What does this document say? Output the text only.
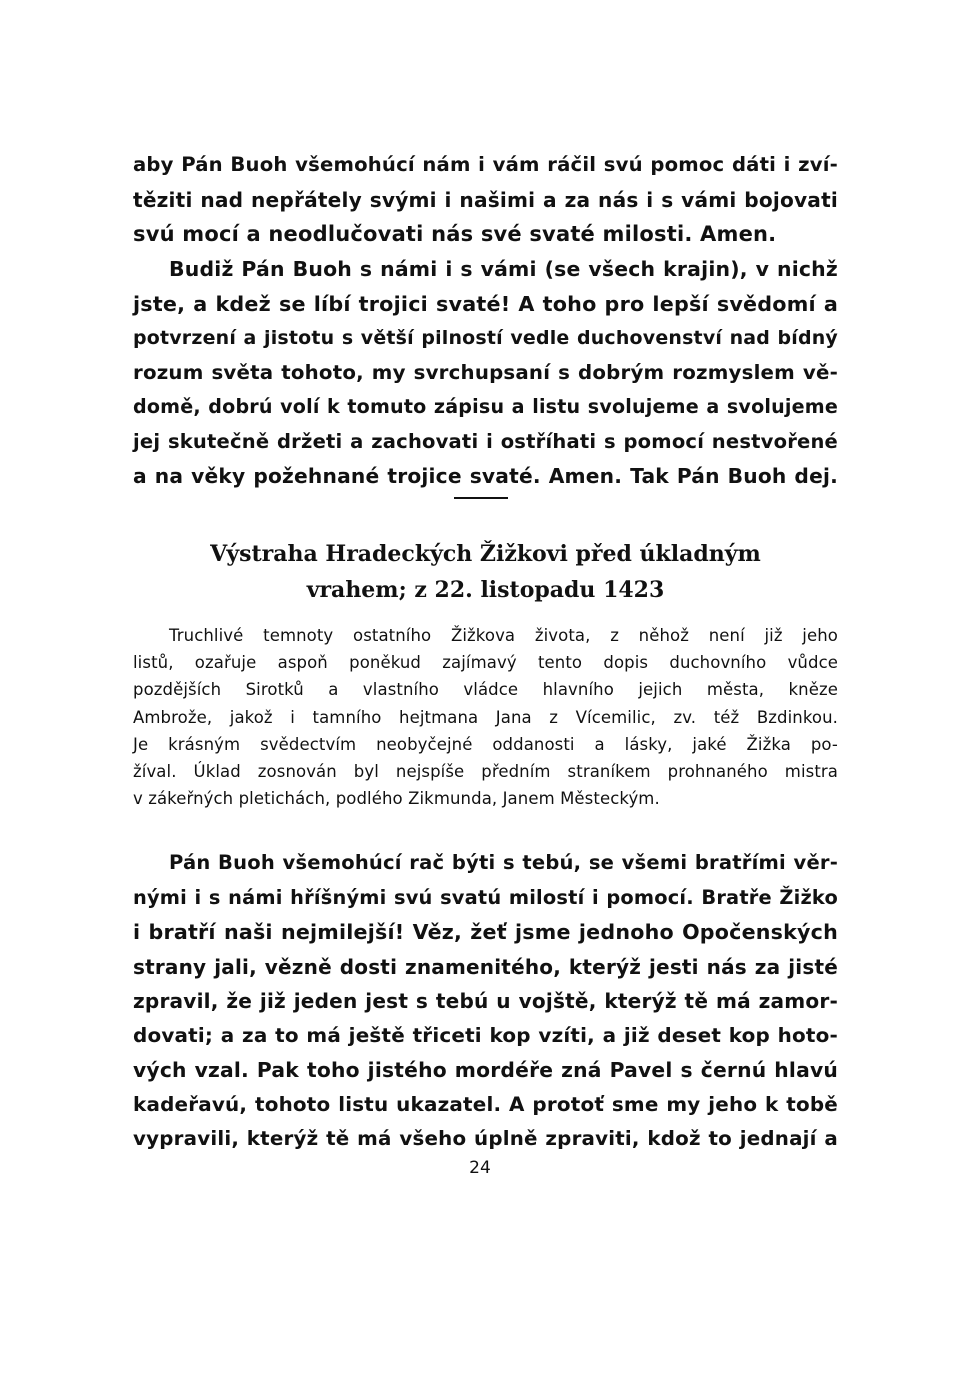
aby Pán Buoh všemohúcí nám i vám ráčil svú pomoc dáti i zví-
těziti nad nepřátely svými i našimi a za nás i s vámi bojovati
svú mocí a neodlučovati nás své svaté milosti. Amen.
Budiž Pán Buoh s námi i s vámi (se všech krajin), v nichž
jste, a kdež se líbí trojici svaté! A toho pro lepší svědomí a
potvrzení a jistotu s větší pilností vedle duchovenství nad bídný
rozum světa tohoto, my svrchupsaní s dobrým rozmyslem vě-
domě, dobrú volí k tomuto zápisu a listu svolujeme a svolujeme
jej skutečně držeti a zachovati i ostříhati s pomocí nestvořené
a na věky požehnané trojice svaté. Amen. Tak Pán Buoh dej.
Výstraha Hradeckých Žižkovi před úkladným
vrahem; z 22. listopadu 1423
Truchlivé temnoty ostatního Žižkova života, z něhož není již jeho
listů, ozařuje aspoň poněkud zajímavý tento dopis duchovního vůdce
pozdějších Sirotků a vlastního vládce hlavního jejich města, kněze
Ambrože, jakož i tamního hejtmana Jana z Vícemilic, zv. též Bzdinkou.
Je krásným svědectvím neobyčejné oddanosti a lásky, jaké Žižka po-
žíval. Úklad zosnován byl nejspíše předním straníkem prohnaného mistra
v zákeřných pletichách, podlého Zikmunda, Janem Městeckým.
Pán Buoh všemohúcí rač býti s tebú, se všemi bratřími věr-
nými i s námi hříšnými svú svatú milostí i pomocí. Bratře Žižko
i bratří naši nejmilejší! Věz, žeť jsme jednoho Opočenských
strany jali, vězně dosti znamenitého, kterýž jesti nás za jisté
zpravil, že již jeden jest s tebú u vojště, kterýž tě má zamor-
dovati; a za to má ještě třiceti kop vzíti, a již deset kop hoto-
vých vzal. Pak toho jistého mordéře zná Pavel s černú hlavú
kadeřavú, tohoto listu ukazatel. A protoť sme my jeho k tobě
vypravili, kterýž tě má všeho úplně zpraviti, kdož to jednají a
24
